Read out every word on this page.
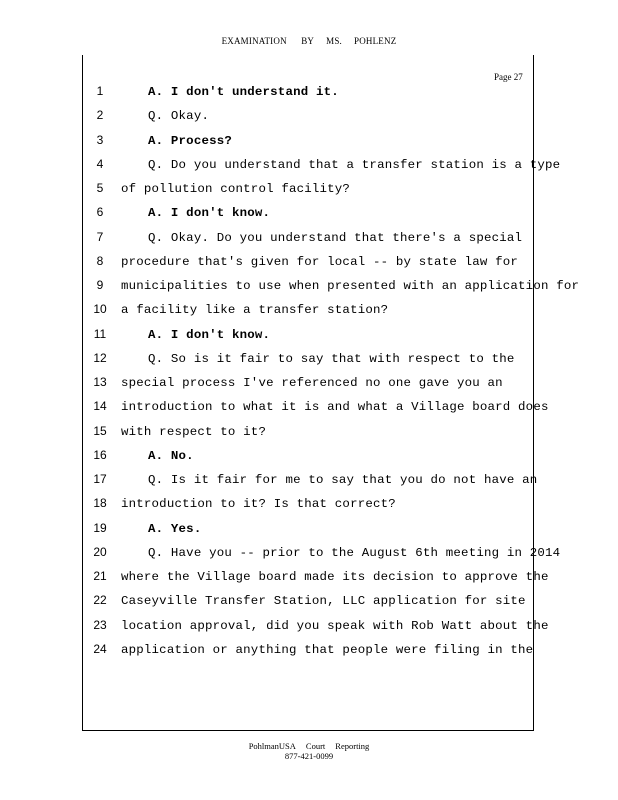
EXAMINATION BY MS. POHLENZ
Page 27
1	A. I don't understand it.
2	Q. Okay.
3	A. Process?
4	Q. Do you understand that a transfer station is a type
5	of pollution control facility?
6	A. I don't know.
7	Q. Okay. Do you understand that there's a special
8	procedure that's given for local -- by state law for
9	municipalities to use when presented with an application for
10 a facility like a transfer station?
11	A. I don't know.
12	Q. So is it fair to say that with respect to the
13 special process I've referenced no one gave you an
14 introduction to what it is and what a Village board does
15 with respect to it?
16	A. No.
17	Q. Is it fair for me to say that you do not have an
18 introduction to it? Is that correct?
19	A. Yes.
20	Q. Have you -- prior to the August 6th meeting in 2014
21 where the Village board made its decision to approve the
22 Caseyville Transfer Station, LLC application for site
23 location approval, did you speak with Rob Watt about the
24 application or anything that people were filing in the
PohlmanUSA Court Reporting
877-421-0099
